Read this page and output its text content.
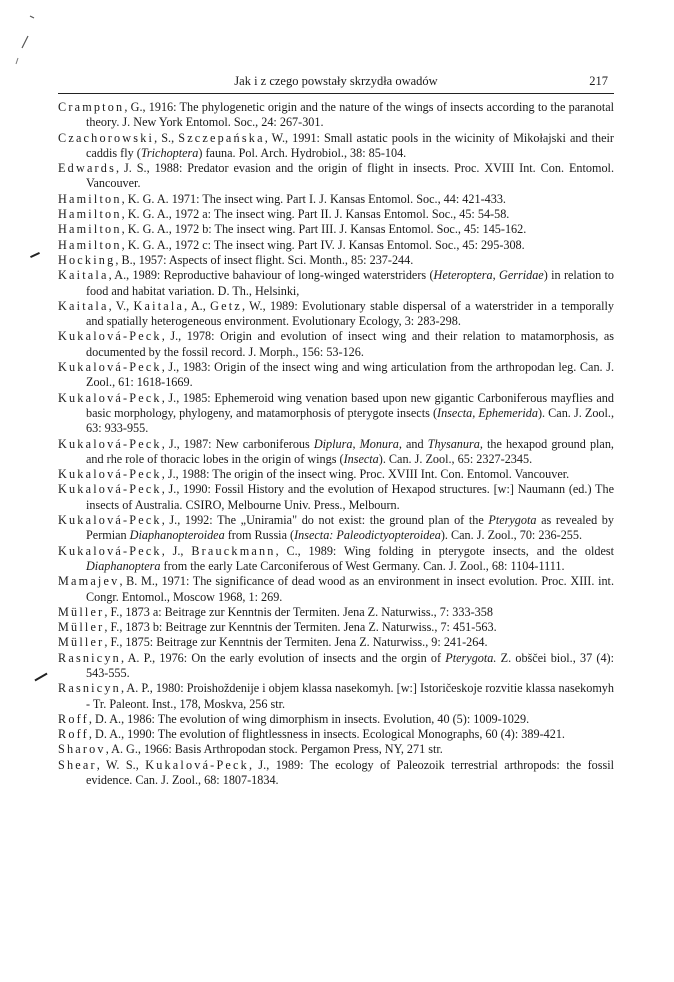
Jak i z czego powstały skrzydła owadów	217

Crampton, G., 1916: The phylogenetic origin and the nature of the wings of insects according to the paranotal theory. J. New York Entomol. Soc., 24: 267-301.

Czachorowski, S., Szczepańska, W., 1991: Small astatic pools in the wicinity of Mikołajski and their caddis fly (Trichoptera) fauna. Pol. Arch. Hydrobiol., 38: 85-104.

Edwards, J. S., 1988: Predator evasion and the origin of flight in insects. Proc. XVIII Int. Con. Entomol. Vancouver.

Hamilton, K. G. A. 1971: The insect wing. Part I. J. Kansas Entomol. Soc., 44: 421-433.

Hamilton, K. G. A., 1972 a: The insect wing. Part II. J. Kansas Entomol. Soc., 45: 54-58.

Hamilton, K. G. A., 1972 b: The insect wing. Part III. J. Kansas Entomol. Soc., 45: 145-162.

Hamilton, K. G. A., 1972 c: The insect wing. Part IV. J. Kansas Entomol. Soc., 45: 295-308.

Hocking, B., 1957: Aspects of insect flight. Sci. Month., 85: 237-244.

Kaitala, A., 1989: Reproductive bahaviour of long-winged waterstriders (Heteroptera, Gerridae) in relation to food and habitat variation. D. Th., Helsinki,

Kaitala, V., Kaitala, A., Getz, W., 1989: Evolutionary stable dispersal of a waterstrider in a temporally and spatially heterogeneous environment. Evolutionary Ecology, 3: 283-298.

Kukalová-Peck, J., 1978: Origin and evolution of insect wing and their relation to matamorphosis, as documented by the fossil record. J. Morph., 156: 53-126.

Kukalová-Peck, J., 1983: Origin of the insect wing and wing articulation from the arthropodan leg. Can. J. Zool., 61: 1618-1669.

Kukalová-Peck, J., 1985: Ephemeroid wing venation based upon new gigantic Carboniferous mayflies and basic morphology, phylogeny, and matamorphosis of pterygote insects (Insecta, Ephemerida). Can. J. Zool., 63: 933-955.

Kukalová-Peck, J., 1987: New carboniferous Diplura, Monura, and Thysanura, the hexapod ground plan, and rhe role of thoracic lobes in the origin of wings (Insecta). Can. J. Zool., 65: 2327-2345.

Kukalová-Peck, J., 1988: The origin of the insect wing. Proc. XVIII Int. Con. Entomol. Vancouver.

Kukalová-Peck, J., 1990: Fossil History and the evolution of Hexapod structures. [w:] Naumann (ed.) The insects of Australia. CSIRO, Melbourne Univ. Press., Melbourn.

Kukalová-Peck, J., 1992: The „Uniramia" do not exist: the ground plan of the Pterygota as revealed by Permian Diaphanopteroidea from Russia (Insecta: Paleodictyopteroidea). Can. J. Zool., 70: 236-255.

Kukalová-Peck, J., Brauckmann, C., 1989: Wing folding in pterygote insects, and the oldest Diaphanoptera from the early Late Carconiferous of West Germany. Can. J. Zool., 68: 1104-1111.

Mamajev, B. M., 1971: The significance of dead wood as an environment in insect evolution. Proc. XIII. int. Congr. Entomol., Moscow 1968, 1: 269.

Müller, F., 1873 a: Beitrage zur Kenntnis der Termiten. Jena Z. Naturwiss., 7: 333-358

Müller, F., 1873 b: Beitrage zur Kenntnis der Termiten. Jena Z. Naturwiss., 7: 451-563.

Müller, F., 1875: Beitrage zur Kenntnis der Termiten. Jena Z. Naturwiss., 9: 241-264.

Rasnicyn, A. P., 1976: On the early evolution of insects and the orgin of Pterygota. Z. obščei biol., 37 (4): 543-555.

Rasnicyn, A. P., 1980: Proishoždenije i objem klassa nasekomyh. [w:] Istoričeskoje rozvitie klassa nasekomyh - Tr. Paleont. Inst., 178, Moskva, 256 str.

Roff, D. A., 1986: The evolution of wing dimorphism in insects. Evolution, 40 (5): 1009-1029.

Roff, D. A., 1990: The evolution of flightlessness in insects. Ecological Monographs, 60 (4): 389-421.

Sharov, A. G., 1966: Basis Arthropodan stock. Pergamon Press, NY, 271 str.

Shear, W. S., Kukalová-Peck, J., 1989: The ecology of Paleozoik terrestrial arthropods: the fossil evidence. Can. J. Zool., 68: 1807-1834.
